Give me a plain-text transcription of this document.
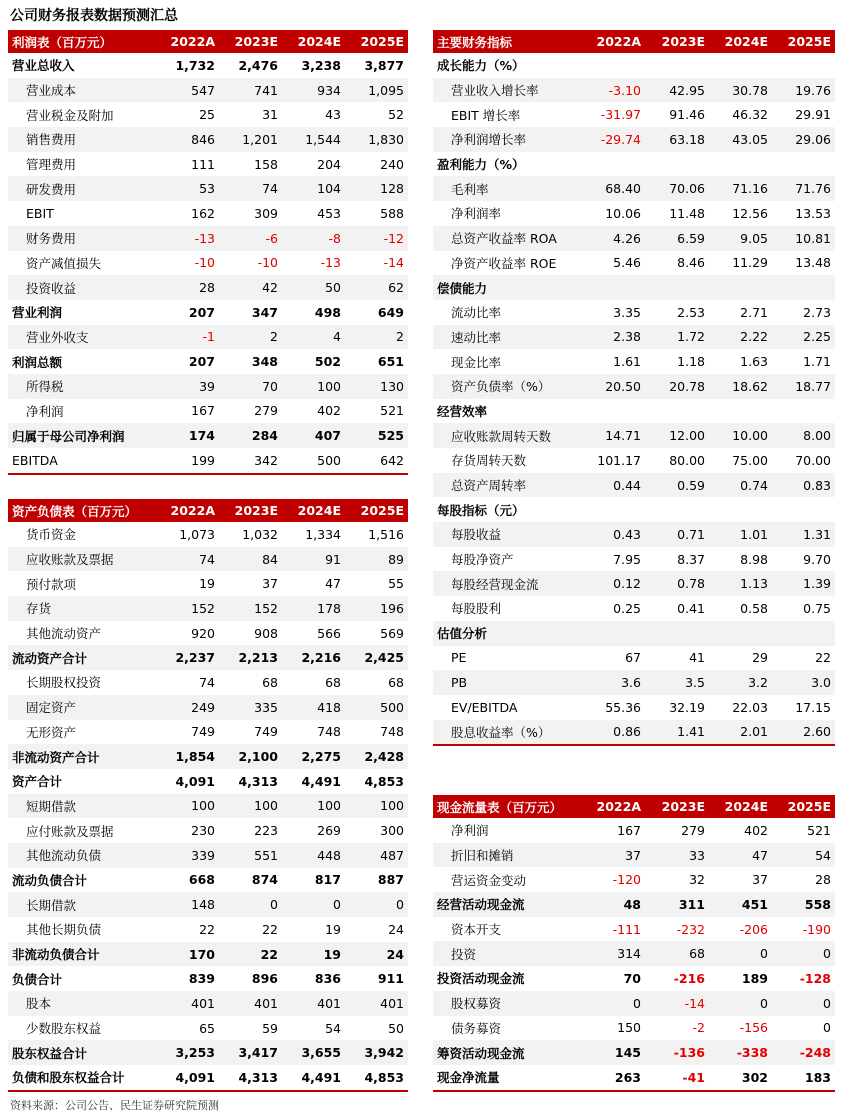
公司财务报表数据预测汇总
利润表（百万元）	2022A	2023E	2024E	2025E
营业总收入	1,732	2,476	3,238	3,877
营业成本	547	741	934	1,095
营业税金及附加	25	31	43	52
销售费用	846	1,201	1,544	1,830
管理费用	111	158	204	240
研发费用	53	74	104	128
EBIT	162	309	453	588
财务费用	-13	-6	-8	-12
资产减值损失	-10	-10	-13	-14
投资收益	28	42	50	62
营业利润	207	347	498	649
营业外收支	-1	2	4	2
利润总额	207	348	502	651
所得税	39	70	100	130
净利润	167	279	402	521
归属于母公司净利润	174	284	407	525
EBITDA	199	342	500	642
资产负债表（百万元）	2022A	2023E	2024E	2025E
货币资金	1,073	1,032	1,334	1,516
应收账款及票据	74	84	91	89
预付款项	19	37	47	55
存货	152	152	178	196
其他流动资产	920	908	566	569
流动资产合计	2,237	2,213	2,216	2,425
长期股权投资	74	68	68	68
固定资产	249	335	418	500
无形资产	749	749	748	748
非流动资产合计	1,854	2,100	2,275	2,428
资产合计	4,091	4,313	4,491	4,853
短期借款	100	100	100	100
应付账款及票据	230	223	269	300
其他流动负债	339	551	448	487
流动负债合计	668	874	817	887
长期借款	148	0	0	0
其他长期负债	22	22	19	24
非流动负债合计	170	22	19	24
负债合计	839	896	836	911
股本	401	401	401	401
少数股东权益	65	59	54	50
股东权益合计	3,253	3,417	3,655	3,942
负债和股东权益合计	4,091	4,313	4,491	4,853
主要财务指标	2022A	2023E	2024E	2025E
成长能力（%）				
营业收入增长率	-3.10	42.95	30.78	19.76
EBIT 增长率	-31.97	91.46	46.32	29.91
净利润增长率	-29.74	63.18	43.05	29.06
盈利能力（%）				
毛利率	68.40	70.06	71.16	71.76
净利润率	10.06	11.48	12.56	13.53
总资产收益率 ROA	4.26	6.59	9.05	10.81
净资产收益率 ROE	5.46	8.46	11.29	13.48
偿债能力				
流动比率	3.35	2.53	2.71	2.73
速动比率	2.38	1.72	2.22	2.25
现金比率	1.61	1.18	1.63	1.71
资产负债率（%）	20.50	20.78	18.62	18.77
经营效率				
应收账款周转天数	14.71	12.00	10.00	8.00
存货周转天数	101.17	80.00	75.00	70.00
总资产周转率	0.44	0.59	0.74	0.83
每股指标（元）				
每股收益	0.43	0.71	1.01	1.31
每股净资产	7.95	8.37	8.98	9.70
每股经营现金流	0.12	0.78	1.13	1.39
每股股利	0.25	0.41	0.58	0.75
估值分析				
PE	67	41	29	22
PB	3.6	3.5	3.2	3.0
EV/EBITDA	55.36	32.19	22.03	17.15
股息收益率（%）	0.86	1.41	2.01	2.60
现金流量表（百万元）	2022A	2023E	2024E	2025E
净利润	167	279	402	521
折旧和摊销	37	33	47	54
营运资金变动	-120	32	37	28
经营活动现金流	48	311	451	558
资本开支	-111	-232	-206	-190
投资	314	68	0	0
投资活动现金流	70	-216	189	-128
股权募资	0	-14	0	0
债务募资	150	-2	-156	0
筹资活动现金流	145	-136	-338	-248
现金净流量	263	-41	302	183
资料来源：公司公告、民生证券研究院预测
